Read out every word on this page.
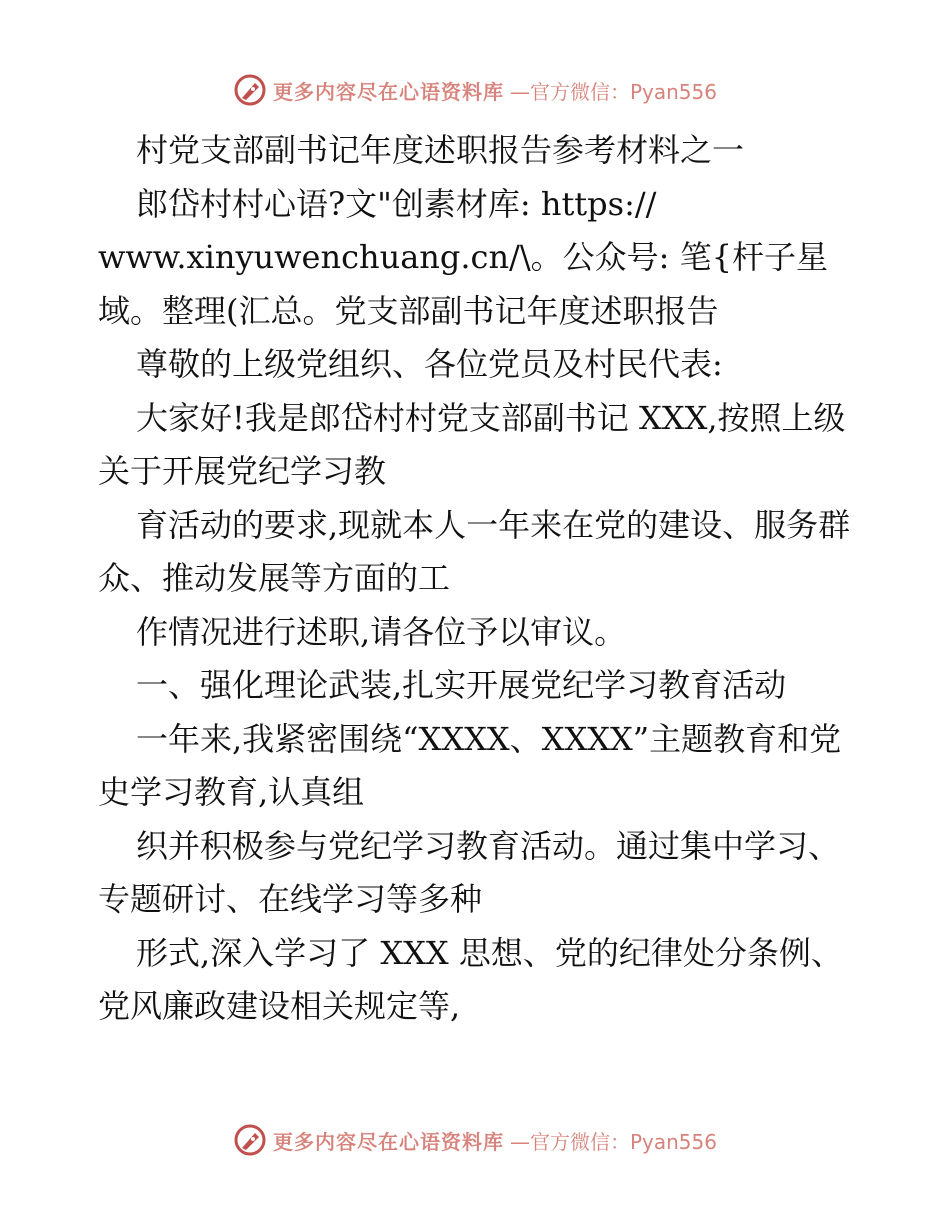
更多内容尽在心语资料库 —官方微信：Pyan556

村党支部副书记年度述职报告参考材料之一

郎岱村村心语?文"创素材库: https://
www.xinyuwenchuang.cn/\。公众号: 笔{杆子星域。整理(汇总。党支部副书记年度述职报告

尊敬的上级党组织、各位党员及村民代表:

大家好!我是郎岱村村党支部副书记 XXX,按照上级关于开展党纪学习教

育活动的要求,现就本人一年来在党的建设、服务群众、推动发展等方面的工

作情况进行述职,请各位予以审议。

一、强化理论武装,扎实开展党纪学习教育活动

一年来,我紧密围绕“XXXX、XXXX”主题教育和党史学习教育,认真组

织并积极参与党纪学习教育活动。通过集中学习、专题研讨、在线学习等多种

形式,深入学习了 XXX 思想、党的纪律处分条例、党风廉政建设相关规定等,

更多内容尽在心语资料库 —官方微信：Pyan556
